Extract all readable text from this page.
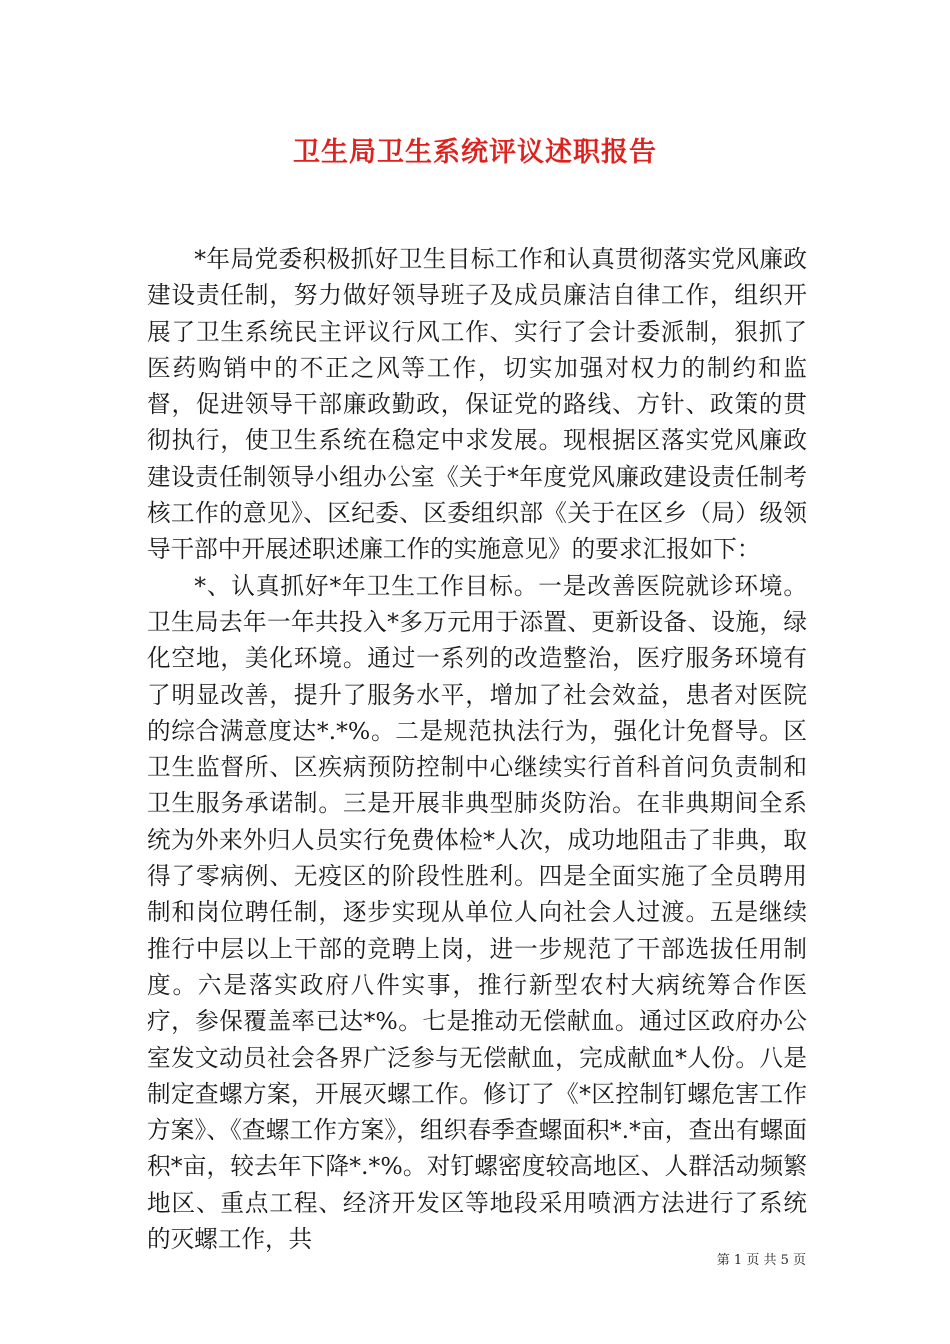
卫生局卫生系统评议述职报告

*年局党委积极抓好卫生目标工作和认真贯彻落实党风廉政建设责任制，努力做好领导班子及成员廉洁自律工作，组织开展了卫生系统民主评议行风工作、实行了会计委派制，狠抓了医药购销中的不正之风等工作，切实加强对权力的制约和监督，促进领导干部廉政勤政，保证党的路线、方针、政策的贯彻执行，使卫生系统在稳定中求发展。现根据区落实党风廉政建设责任制领导小组办公室《关于*年度党风廉政建设责任制考核工作的意见》、区纪委、区委组织部《关于在区乡（局）级领导干部中开展述职述廉工作的实施意见》的要求汇报如下：

*、认真抓好*年卫生工作目标。一是改善医院就诊环境。卫生局去年一年共投入*多万元用于添置、更新设备、设施，绿化空地，美化环境。通过一系列的改造整治，医疗服务环境有了明显改善，提升了服务水平，增加了社会效益，患者对医院的综合满意度达*.*%。二是规范执法行为，强化计免督导。区卫生监督所、区疾病预防控制中心继续实行首科首问负责制和卫生服务承诺制。三是开展非典型肺炎防治。在非典期间全系统为外来外归人员实行免费体检*人次，成功地阻击了非典，取得了零病例、无疫区的阶段性胜利。四是全面实施了全员聘用制和岗位聘任制，逐步实现从单位人向社会人过渡。五是继续推行中层以上干部的竞聘上岗，进一步规范了干部选拔任用制度。六是落实政府八件实事，推行新型农村大病统筹合作医疗，参保覆盖率已达*%。七是推动无偿献血。通过区政府办公室发文动员社会各界广泛参与无偿献血，完成献血*人份。八是制定查螺方案，开展灭螺工作。修订了《*区控制钉螺危害工作方案》、《查螺工作方案》，组织春季查螺面积*.*亩，查出有螺面积*亩，较去年下降*.*%。对钉螺密度较高地区、人群活动频繁地区、重点工程、经济开发区等地段采用喷洒方法进行了系统的灭螺工作，共

第 1 页 共 5 页
